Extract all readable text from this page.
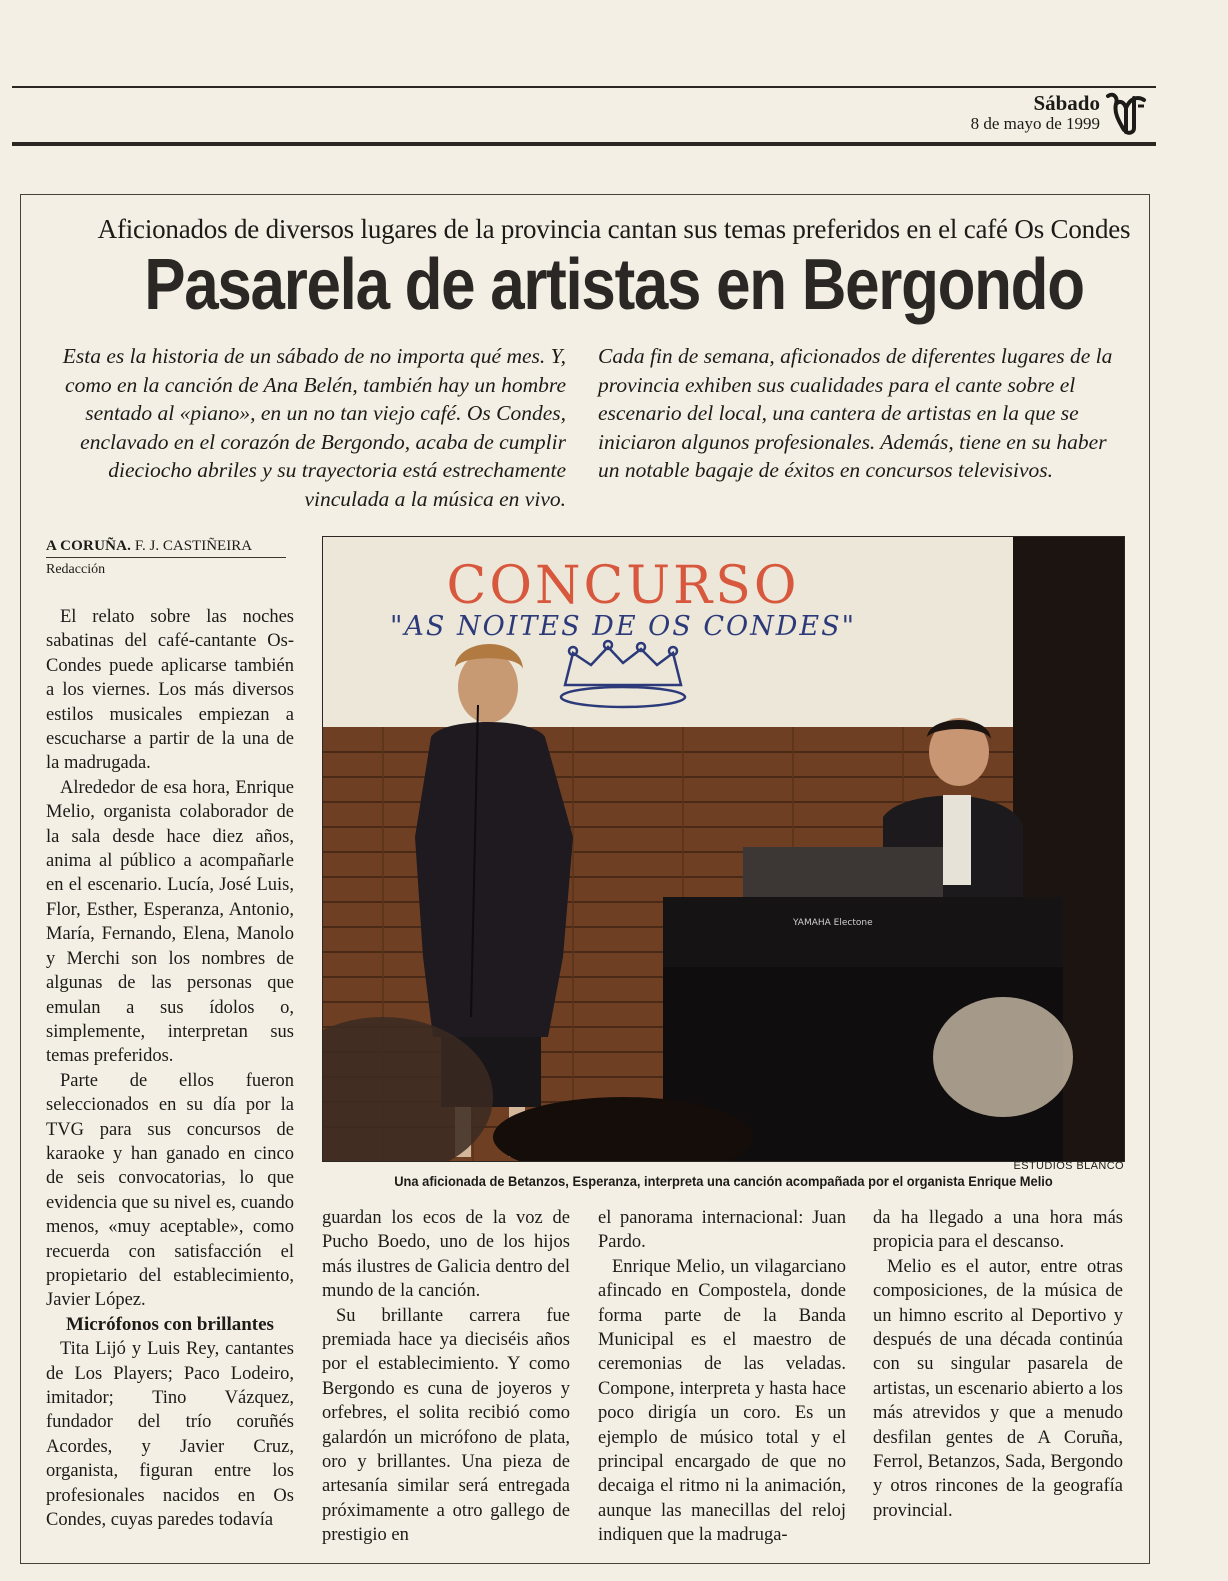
Sábado
8 de mayo de 1999
Aficionados de diversos lugares de la provincia cantan sus temas preferidos en el café Os Condes
Pasarela de artistas en Bergondo
Esta es la historia de un sábado de no importa qué mes. Y, como en la canción de Ana Belén, también hay un hombre sentado al «piano», en un no tan viejo café. Os Condes, enclavado en el corazón de Bergondo, acaba de cumplir dieciocho abriles y su trayectoria está estrechamente vinculada a la música en vivo.
Cada fin de semana, aficionados de diferentes lugares de la provincia exhiben sus cualidades para el cante sobre el escenario del local, una cantera de artistas en la que se iniciaron algunos profesionales. Además, tiene en su haber un notable bagaje de éxitos en concursos televisivos.
A CORUÑA. F. J. CASTIÑEIRA
Redacción

El relato sobre las noches sabatinas del café-cantante Os-Condes puede aplicarse también a los viernes. Los más diversos estilos musicales empiezan a escucharse a partir de la una de la madrugada.

Alrededor de esa hora, Enrique Melio, organista colaborador de la sala desde hace diez años, anima al público a acompañarle en el escenario. Lucía, José Luis, Flor, Esther, Esperanza, Antonio, María, Fernando, Elena, Manolo y Merchi son los nombres de algunas de las personas que emulan a sus ídolos o, simplemente, interpretan sus temas preferidos.

Parte de ellos fueron seleccionados en su día por la TVG para sus concursos de karaoke y han ganado en cinco de seis convocatorias, lo que evidencia que su nivel es, cuando menos, «muy aceptable», como recuerda con satisfacción el propietario del establecimiento, Javier López.

Micrófonos con brillantes

Tita Lijó y Luis Rey, cantantes de Los Players; Paco Lodeiro, imitador; Tino Vázquez, fundador del trío coruñés Acordes, y Javier Cruz, organista, figuran entre los profesionales nacidos en Os Condes, cuyas paredes todavía

CONCURSO
"AS NOITES DE OS CONDES"
YAMAHA Electone
ESTUDIOS BLANCO
Una aficionada de Betanzos, Esperanza, interpreta una canción acompañada por el organista Enrique Melio

guardan los ecos de la voz de Pucho Boedo, uno de los hijos más ilustres de Galicia dentro del mundo de la canción.

Su brillante carrera fue premiada hace ya dieciséis años por el establecimiento. Y como Bergondo es cuna de joyeros y orfebres, el solita recibió como galardón un micrófono de plata, oro y brillantes. Una pieza de artesanía similar será entregada próximamente a otro gallego de prestigio en

el panorama internacional: Juan Pardo.

Enrique Melio, un vilagarciano afincado en Compostela, donde forma parte de la Banda Municipal es el maestro de ceremonias de las veladas. Compone, interpreta y hasta hace poco dirigía un coro. Es un ejemplo de músico total y el principal encargado de que no decaiga el ritmo ni la animación, aunque las manecillas del reloj indiquen que la madruga-

da ha llegado a una hora más propicia para el descanso.

Melio es el autor, entre otras composiciones, de la música de un himno escrito al Deportivo y después de una década continúa con su singular pasarela de artistas, un escenario abierto a los más atrevidos y que a menudo desfilan gentes de A Coruña, Ferrol, Betanzos, Sada, Bergondo y otros rincones de la geografía provincial.
